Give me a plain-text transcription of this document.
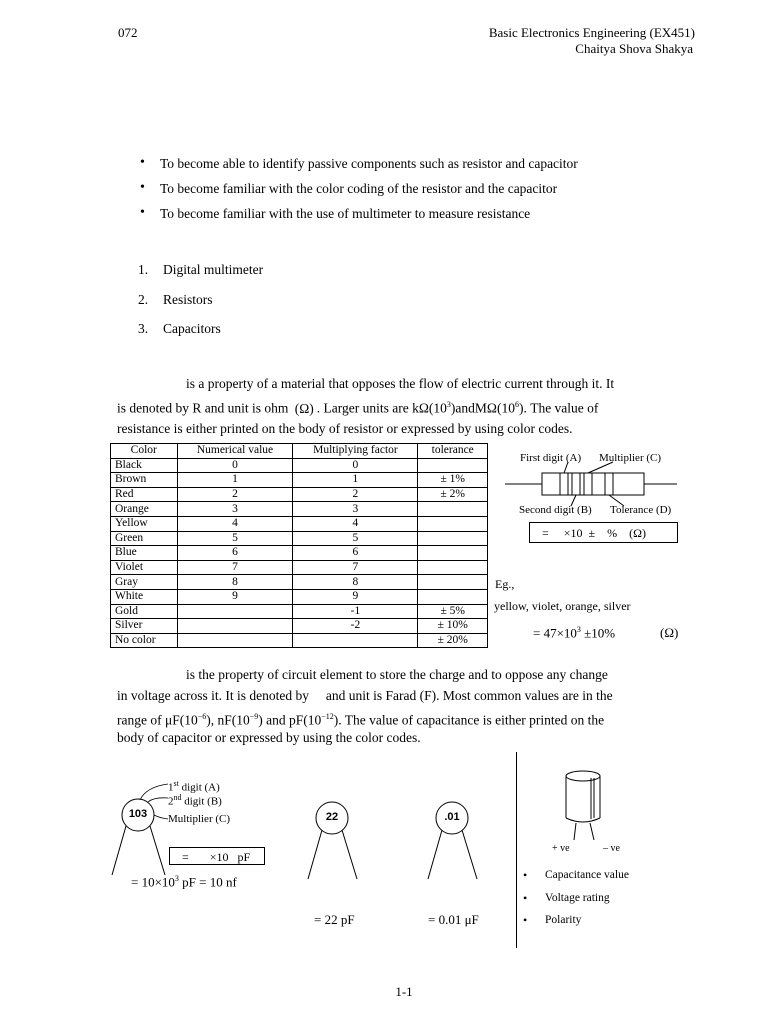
072	Basic Electronics Engineering (EX451)
Chaitya Shova Shakya
• To become able to identify passive components such as resistor and capacitor
• To become familiar with the color coding of the resistor and the capacitor
• To become familiar with the use of multimeter to measure resistance
1.	Digital multimeter
2.	Resistors
3.	Capacitors
is a property of a material that opposes the flow of electric current through it. It
is denoted by R and unit is ohm (Ω) . Larger units are $k\Omega(10^3)andM\Omega(10^6)$. The value of
resistance is either printed on the body of resistor or expressed by using color codes.
Color	Numerical value	Multiplying factor	tolerance
Black	0	0	
Brown	1	1	± 1%
Red	2	2	± 2%
Orange	3	3	
Yellow	4	4	
Green	5	5	
Blue	6	6	
Violet	7	7	
Gray	8	8	
White	9	9	
Gold		-1	± 5%
Silver		-2	± 10%
No color			± 20%
First digit (A) Multiplier (C)
Second digit (B) Tolerance (D)
=     ×10  ±    %    (Ω)
Eg.,
yellow, violet, orange, silver
= $47\times 10^3 \pm 10\%$	(Ω)
is the property of circuit element to store the charge and to oppose any change
in voltage across it. It is denoted by     and unit is Farad (F). Most common values are in the
range of $\mu F(10^{-6})$, $nF(10^{-9})$ and $pF(10^{-12})$. The value of capacitance is either printed on the
body of capacitor or expressed by using the color codes.
103	22	.01
1st digit (A)
2nd digit (B)
Multiplier (C)
=       ×10   pF
= $10\times 10^3$ pF = 10 nf
= 22 pF	= 0.01 μF
+ ve	– ve
• Capacitance value
• Voltage rating
• Polarity
1-1
